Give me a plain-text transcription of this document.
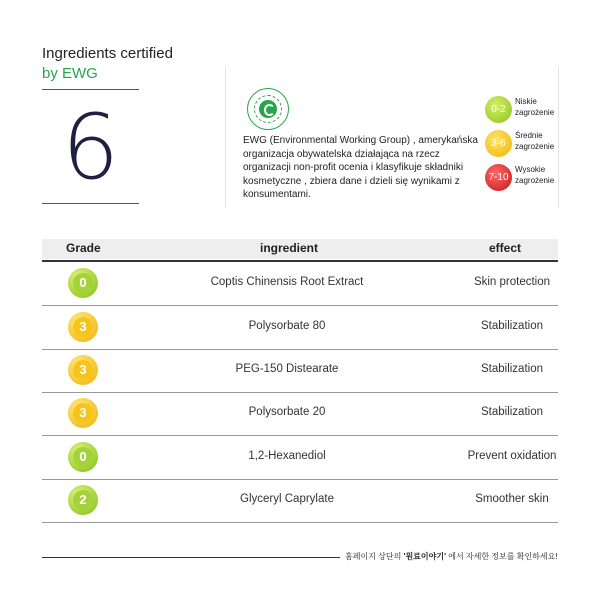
Ingredients certified
by EWG
6	EWG (Environmental Working Group) , amerykańska organizacja obywatelska działająca na rzecz organizacji non-profit ocenia i klasyfikuje składniki kosmetyczne , zbiera dane i dzieli się wynikami z konsumentami.
0-2
Niskie zagrożenie
3-6
Średnie zagrożenie
7-10
Wysokie zagrożenie
Grade	ingredient	effect
0	Coptis Chinensis Root Extract	Skin protection
3	Polysorbate 80	Stabilization
3	PEG-150 Distearate	Stabilization
3	Polysorbate 20	Stabilization
0	1,2-Hexanediol	Prevent oxidation
2	Glyceryl Caprylate	Smoother skin
홈페이지 상단의 '원료이야기' 에서 자세한 정보를 확인하세요!
